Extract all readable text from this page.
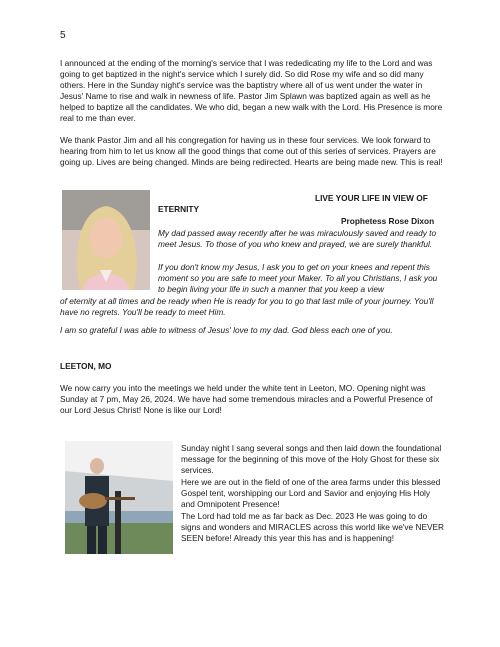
5

I announced at the ending of the morning's service that I was rededicating my life to the Lord and was going to get baptized in the night's service which I surely did. So did Rose my wife and so did many others. Here in the Sunday night's service was the baptistry where all of us went under the water in Jesus' Name to rise and walk in newness of life. Pastor Jim Splawn was baptized again as well as he helped to baptize all the candidates. We who did, began a new walk with the Lord. His Presence is more real to me than ever.

We thank Pastor Jim and all his congregation for having us in these four services. We look forward to hearing from him to let us know all the good things that come out of this series of services. Prayers are going up. Lives are being changed. Minds are being redirected. Hearts are being made new. This is real!

LIVE YOUR LIFE IN VIEW OF
ETERNITY
Prophetess Rose Dixon

My dad passed away recently after he was miraculously saved and ready to meet Jesus. To those of you who knew and prayed, we are surely thankful.

If you don't know my Jesus, I ask you to get on your knees and repent this moment so you are safe to meet your Maker. To all you Christians, I ask you to begin living your life in such a manner that you keep a view

of eternity at all times and be ready when He is ready for you to go that last mile of your journey. You'll have no regrets. You'll be ready to meet Him.

I am so grateful I was able to witness of Jesus' love to my dad. God bless each one of you.

LEETON, MO

We now carry you into the meetings we held under the white tent in Leeton, MO. Opening night was Sunday at 7 pm, May 26, 2024. We have had some tremendous miracles and a Powerful Presence of our Lord Jesus Christ! None is like our Lord!

Sunday night I sang several songs and then laid down the foundational message for the beginning of this move of the Holy Ghost for these six services.

Here we are out in the field of one of the area farms under this blessed Gospel tent, worshipping our Lord and Savior and enjoying His Holy and Omnipotent Presence!

The Lord had told me as far back as Dec. 2023 He was going to do signs and wonders and MIRACLES across this world like we've NEVER SEEN before! Already this year this has and is happening!
